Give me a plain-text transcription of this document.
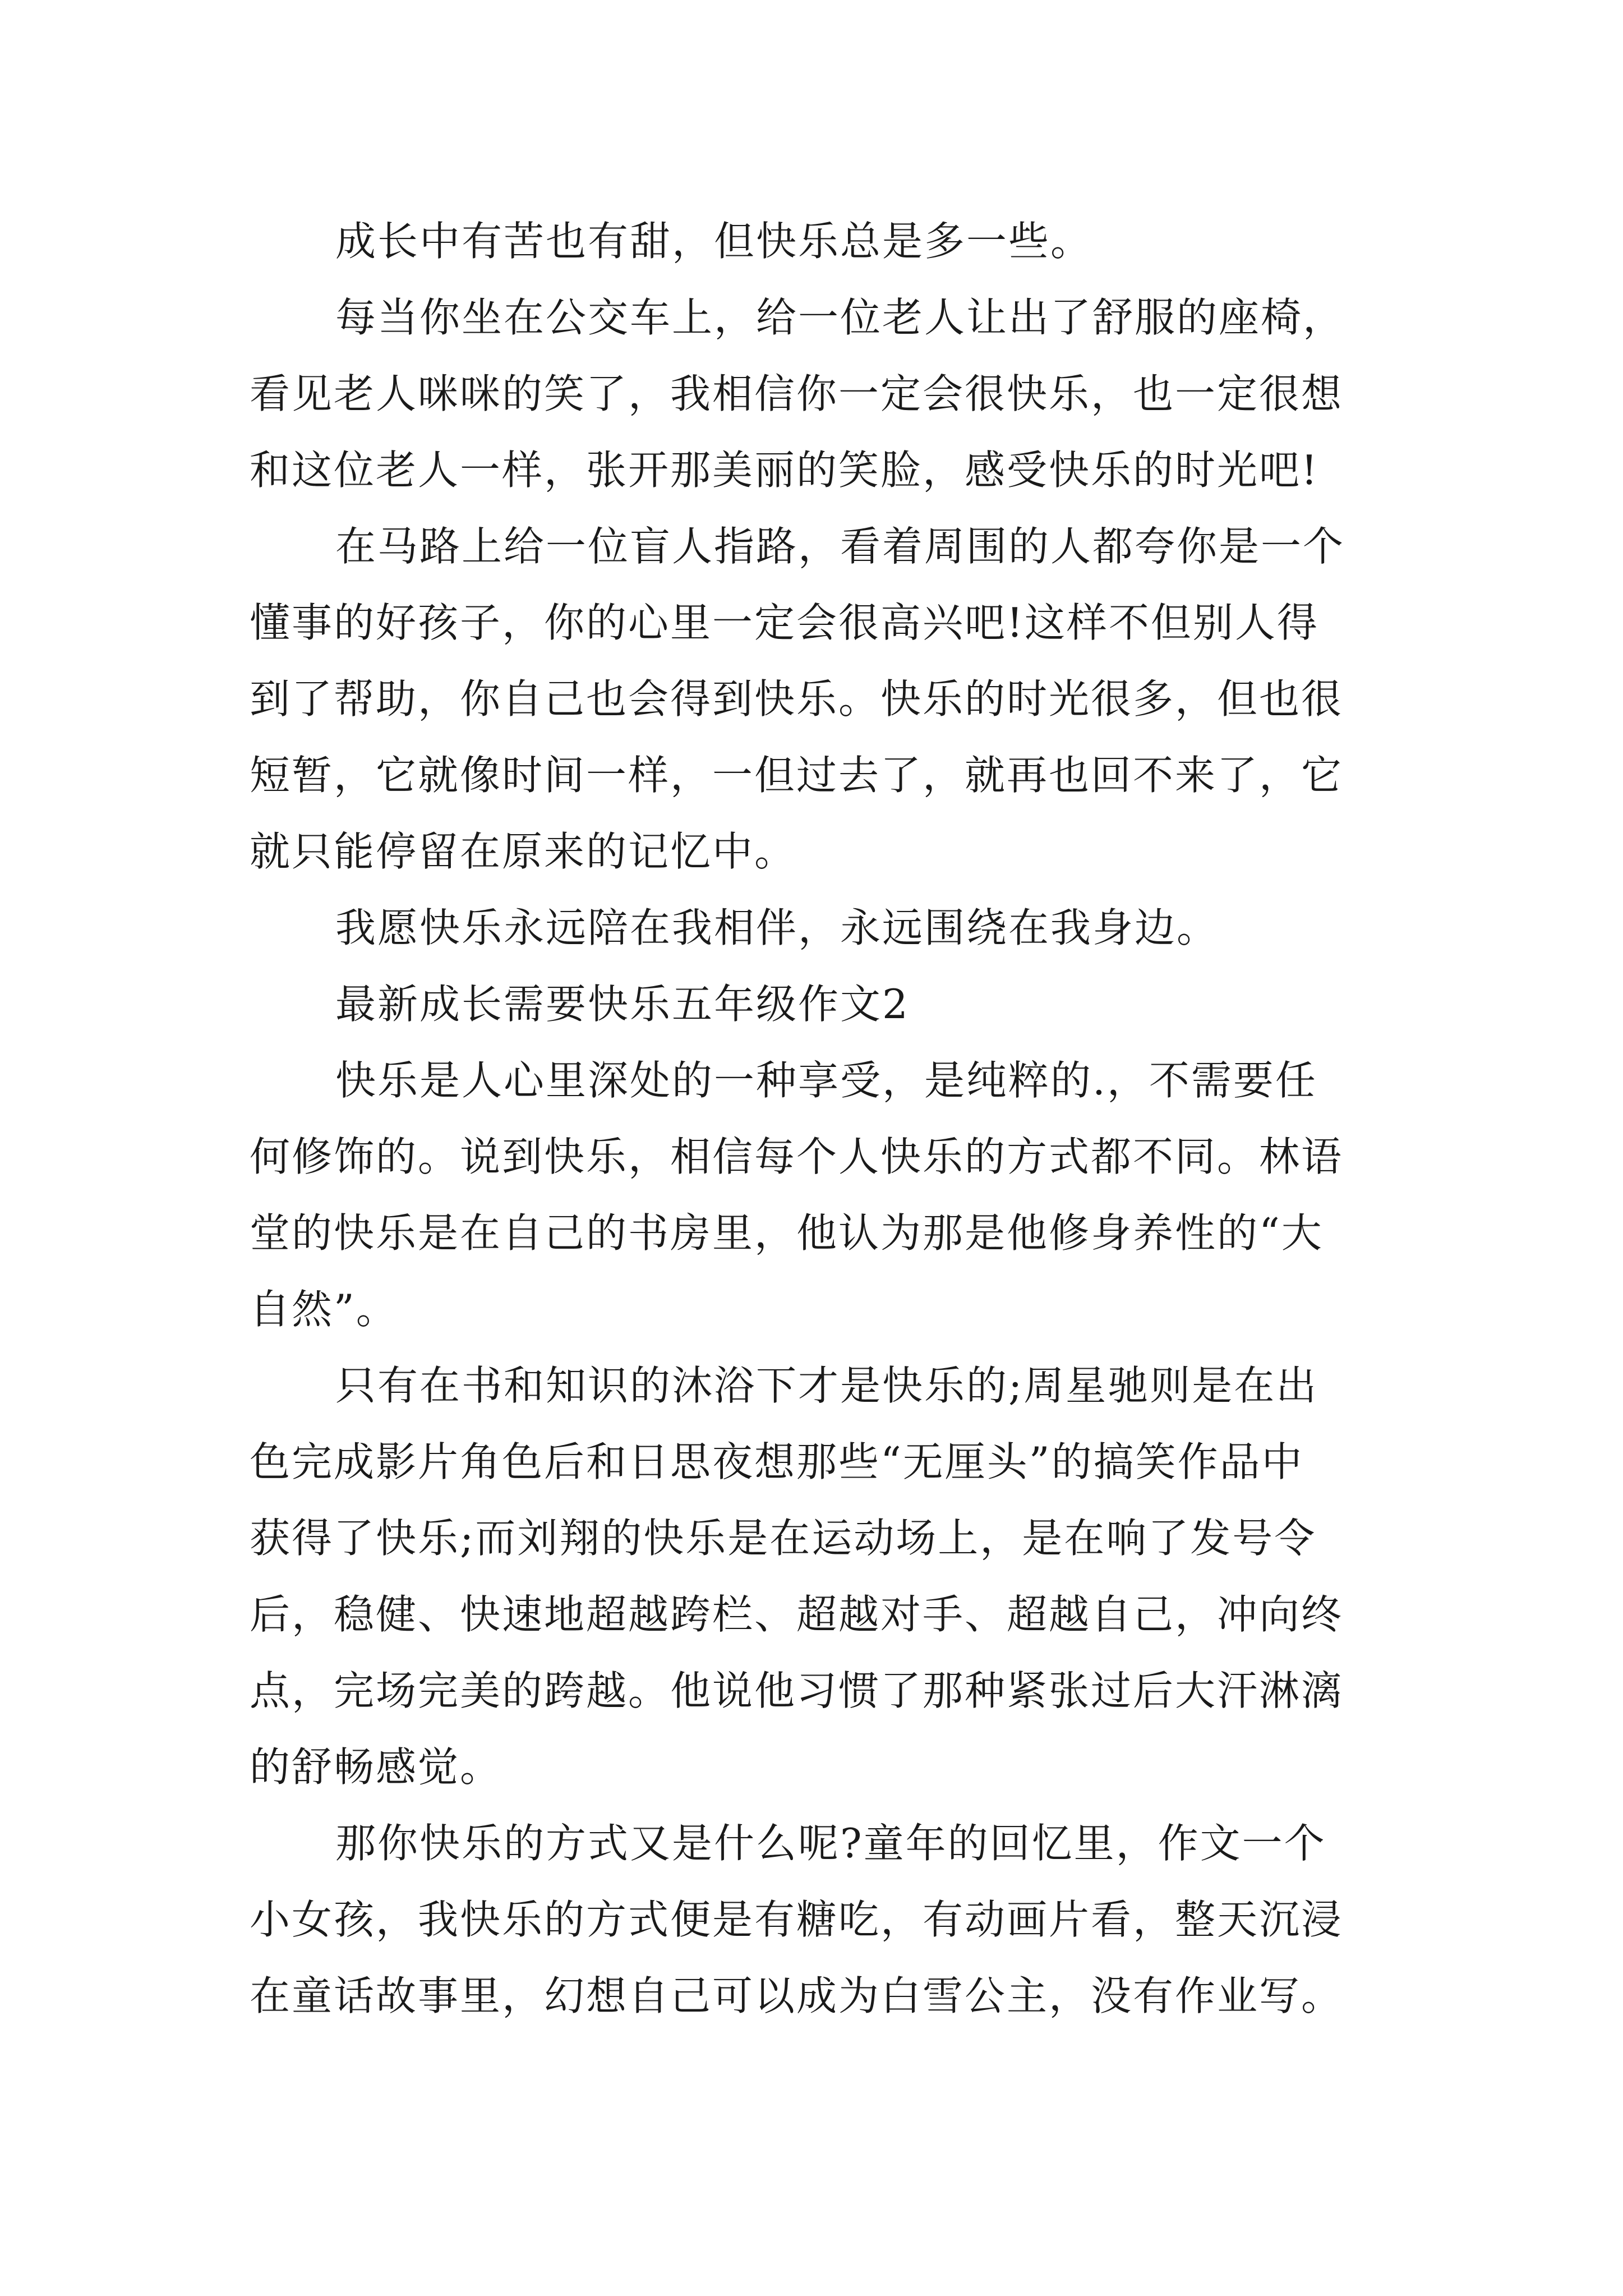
成长中有苦也有甜，但快乐总是多一些。
每当你坐在公交车上，给一位老人让出了舒服的座椅，
看见老人咪咪的笑了，我相信你一定会很快乐，也一定很想
和这位老人一样，张开那美丽的笑脸，感受快乐的时光吧!
在马路上给一位盲人指路，看着周围的人都夸你是一个
懂事的好孩子，你的心里一定会很高兴吧!这样不但别人得
到了帮助，你自己也会得到快乐。快乐的时光很多，但也很
短暂，它就像时间一样，一但过去了，就再也回不来了，它
就只能停留在原来的记忆中。
我愿快乐永远陪在我相伴，永远围绕在我身边。
最新成长需要快乐五年级作文2
快乐是人心里深处的一种享受，是纯粹的.，不需要任
何修饰的。说到快乐，相信每个人快乐的方式都不同。林语
堂的快乐是在自己的书房里，他认为那是他修身养性的“大
自然”。
只有在书和知识的沐浴下才是快乐的;周星驰则是在出
色完成影片角色后和日思夜想那些“无厘头”的搞笑作品中
获得了快乐;而刘翔的快乐是在运动场上，是在响了发号令
后，稳健、快速地超越跨栏、超越对手、超越自己，冲向终
点，完场完美的跨越。他说他习惯了那种紧张过后大汗淋漓
的舒畅感觉。
那你快乐的方式又是什么呢?童年的回忆里，作文一个
小女孩，我快乐的方式便是有糖吃，有动画片看，整天沉浸
在童话故事里，幻想自己可以成为白雪公主，没有作业写。
